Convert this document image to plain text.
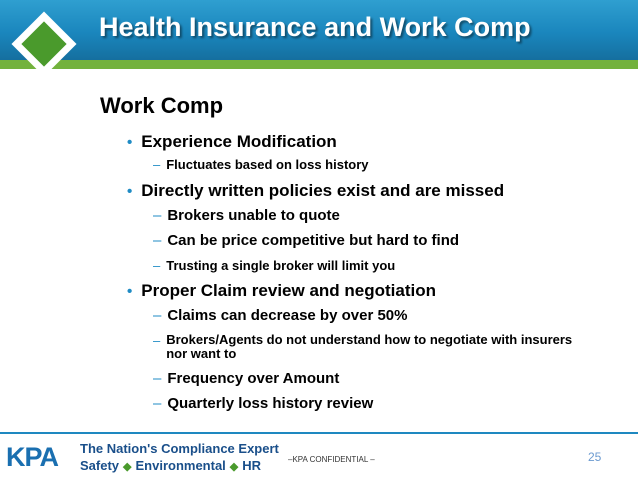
Health Insurance and Work Comp
Work Comp
• Experience Modification
– Fluctuates based on loss history
• Directly written policies exist and are missed
– Brokers unable to quote
– Can be price competitive but hard to find
– Trusting a single broker will limit you
• Proper Claim review and negotiation
– Claims can decrease by over 50%
– Brokers/Agents do not understand how to negotiate with insurers nor want to
– Frequency over Amount
– Quarterly loss history review
KPA The Nation's Compliance Expert
Safety ◆ Environmental ◆ HR	–KPA CONFIDENTIAL –	25
